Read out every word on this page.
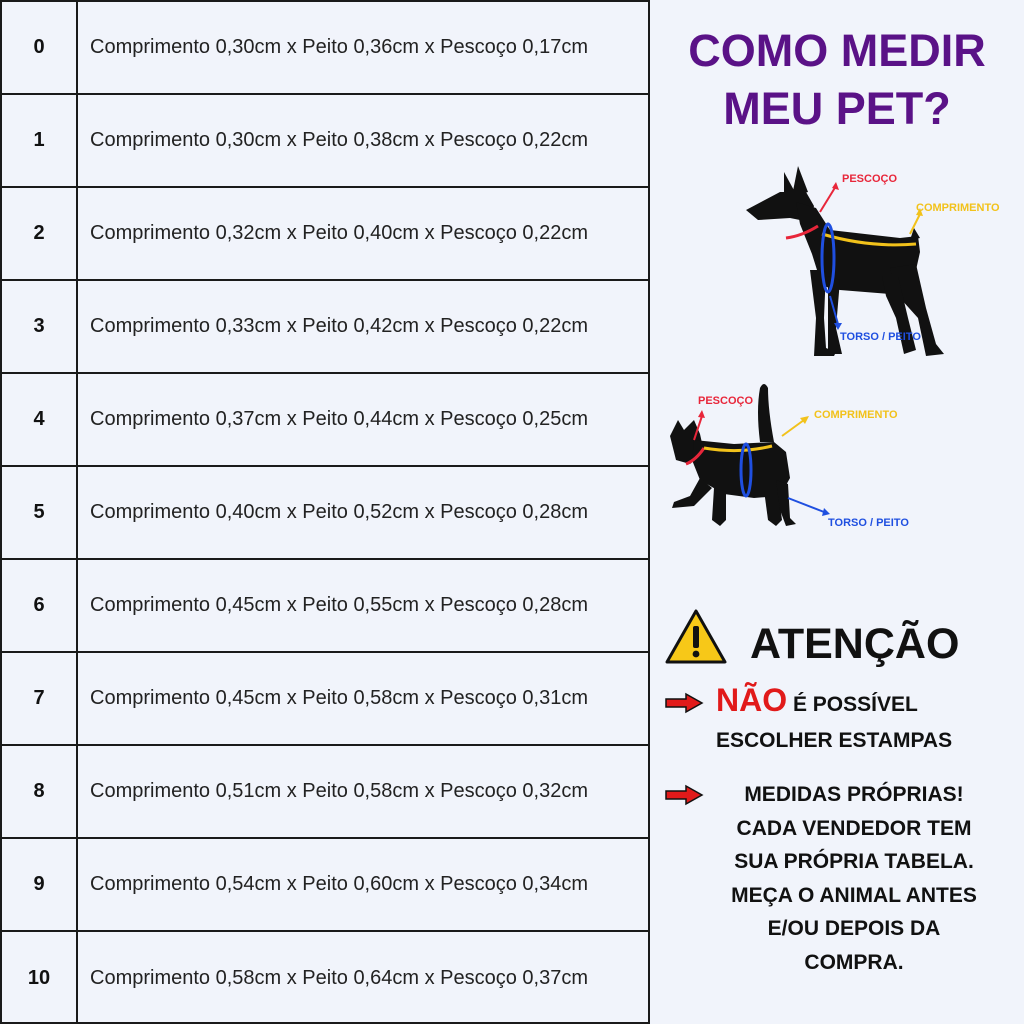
0	Comprimento 0,30cm x Peito 0,36cm x Pescoço 0,17cm
1	Comprimento 0,30cm x Peito 0,38cm x Pescoço 0,22cm
2	Comprimento 0,32cm x Peito 0,40cm x Pescoço 0,22cm
3	Comprimento 0,33cm x Peito 0,42cm x Pescoço 0,22cm
4	Comprimento 0,37cm x Peito 0,44cm x Pescoço 0,25cm
5	Comprimento 0,40cm x Peito 0,52cm x Pescoço 0,28cm
6	Comprimento 0,45cm x Peito 0,55cm x Pescoço 0,28cm
7	Comprimento 0,45cm x Peito 0,58cm x Pescoço 0,31cm
8	Comprimento 0,51cm x Peito 0,58cm x Pescoço 0,32cm
9	Comprimento 0,54cm x Peito 0,60cm x Pescoço 0,34cm
10	Comprimento 0,58cm x Peito 0,64cm x Pescoço 0,37cm
COMO MEDIR
MEU PET?
PESCOÇO
COMPRIMENTO
TORSO / PEITO
PESCOÇO
COMPRIMENTO
TORSO / PEITO
ATENÇÃO
NÃO É POSSÍVEL
ESCOLHER ESTAMPAS
MEDIDAS PRÓPRIAS!
CADA VENDEDOR TEM
SUA PRÓPRIA TABELA.
MEÇA O ANIMAL ANTES
E/OU DEPOIS DA
COMPRA.
